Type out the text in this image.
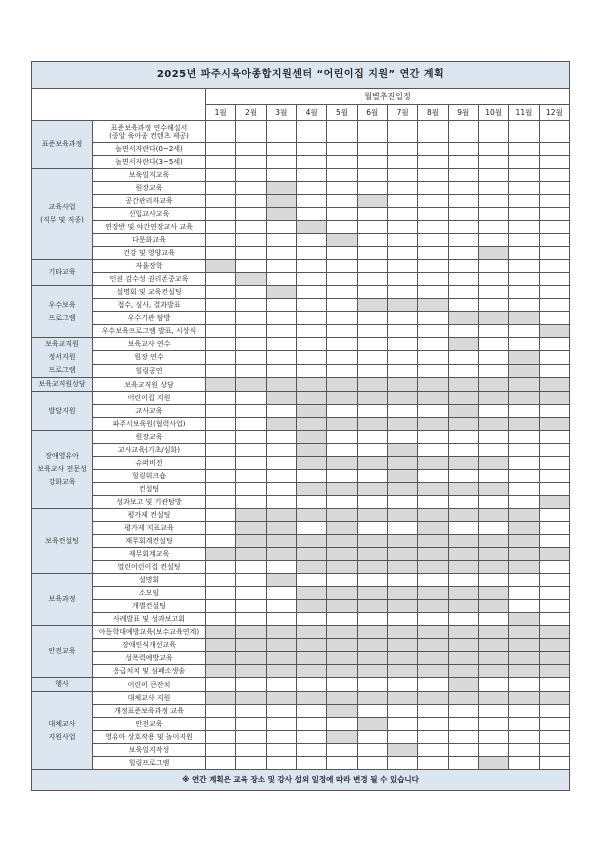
2025년 파주시육아종합지원센터 “어린이집 지원” 연간 계획													
		월별추진일정											
		1월	2월	3월	4월	5월	6월	7월	8월	9월	10월	11월	12월

표준보육과정	표준보육과정 연수해설서
(중앙 육아종 컨텐츠 제공)												

	놀면서자란다(0~2세)												

	놀면서자란다(3~5세)												

교육사업
(직무 및 직종)	보육일지교육												

	원장교육												

	공간관리자교육												

	신입교사교육												

	연장반 및 야간연장교사 교육												

	다문화교육												

	건강 및 영양교육												

기타교육	자율장학												

	인권 감수성 권리존중교육												

우수보육
프로그램	설명회 및 교육컨설팅												

	접수, 심사, 결과발표												

	우수기관 탐방												

	우수보육프로그램 발표, 시상식												

보육교직원
정서지원
프로그램	보육교사 연수												

	원장 연수												

	힐링공연												

보육교직원상담	보육교직원 상담												

발달지원	어린이집 지원												

	교사교육												

	파주시보육원(협력사업)												

장애영유아
보육교사 전문성
강화교육	원장교육												

	교사교육(기초/심화)												

	슈퍼비전												

	힐링워크숍												

	컨설팅												

	성과보고 및 기관탐방												

보육컨설팅	평가제 컨설팅												

	평가제 지표교육												

	재무회계컨설팅												

	재무회계교육												

	열린어린이집 컨설팅												

보육과정	설명회												

	소모임												

	개별컨설팅												

	사례발표 및 성과보고회												

안전교육	아동학대예방교육(보수교육연계)												

	장애인식개선교육												

	성폭력예방교육												

	응급처치 및 심폐소생술												

행사	어린이 큰잔치												

대체교사
지원사업	대체교사 지원												

	개정표준보육과정 교육												

	안전교육												

	영유아 상호작용 및 놀이지원												

	보육일지작성												

	힐링프로그램												

※ 연간 계획은 교육 장소 및 강사 섭외 일정에 따라 변경 될 수 있습니다													
